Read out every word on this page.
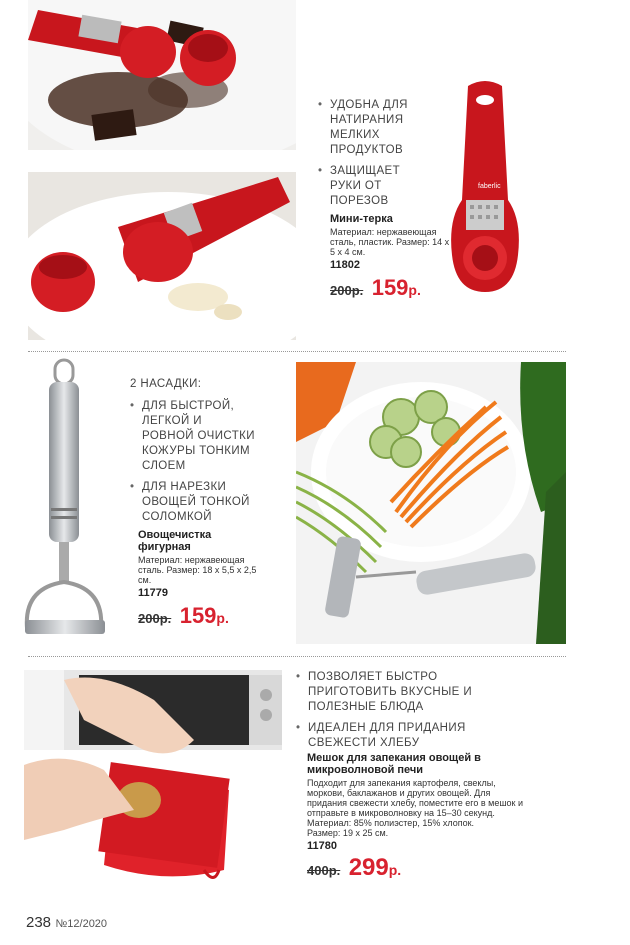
• УДОБНА ДЛЯ НАТИРАНИЯ МЕЛКИХ ПРОДУКТОВ
• ЗАЩИЩАЕТ РУКИ ОТ ПОРЕЗОВ
Мини-терка
Материал: нержавеющая сталь, пластик. Размер: 14 х 5 х 4 см.
11802
200р. 159р.
faberlic
2 НАСАДКИ:
• ДЛЯ БЫСТРОЙ, ЛЕГКОЙ И РОВНОЙ ОЧИСТКИ КОЖУРЫ ТОНКИМ СЛОЕМ
• ДЛЯ НАРЕЗКИ ОВОЩЕЙ ТОНКОЙ СОЛОМКОЙ
Овощечистка фигурная
Материал: нержавеющая сталь. Размер: 18 х 5,5 х 2,5 см.
11779
200р. 159р.
• ПОЗВОЛЯЕТ БЫСТРО ПРИГОТОВИТЬ ВКУСНЫЕ И ПОЛЕЗНЫЕ БЛЮДА
• ИДЕАЛЕН ДЛЯ ПРИДАНИЯ СВЕЖЕСТИ ХЛЕБУ
Мешок для запекания овощей в микроволновой печи
Подходит для запекания картофеля, свеклы, моркови, баклажанов и других овощей. Для придания свежести хлебу, поместите его в мешок и отправьте в микроволновку на 15–30 секунд.
Материал: 85% полиэстер, 15% хлопок.
Размер: 19 х 25 см.
11780
400р. 299р.
238 №12/2020
